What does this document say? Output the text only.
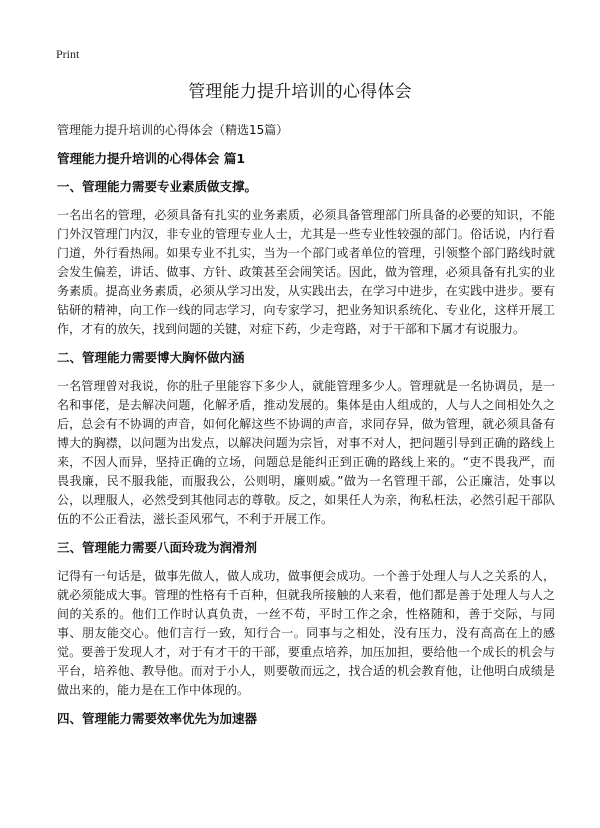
Print
管理能力提升培训的心得体会

管理能力提升培训的心得体会（精选15篇）

管理能力提升培训的心得体会 篇1
一、管理能力需要专业素质做支撑。

一名出名的管理，必须具备有扎实的业务素质，必须具备管理部门所具备的必要的知识，不能门外汉管理门内汉，非专业的管理专业人士，尤其是一些专业性较强的部门。俗话说，内行看门道，外行看热闹。如果专业不扎实，当为一个部门或者单位的管理，引领整个部门路线时就会发生偏差，讲话、做事、方针、政策甚至会闹笑话。因此，做为管理，必须具备有扎实的业务素质。提高业务素质，必须从学习出发，从实践出去，在学习中进步，在实践中进步。要有钻研的精神，向工作一线的同志学习，向专家学习，把业务知识系统化、专业化，这样开展工作，才有的放矢，找到问题的关键，对症下药，少走弯路，对于干部和下属才有说服力。

二、管理能力需要博大胸怀做内涵

一名管理曾对我说，你的肚子里能容下多少人，就能管理多少人。管理就是一名协调员，是一名和事佬，是去解决问题，化解矛盾，推动发展的。集体是由人组成的，人与人之间相处久之后，总会有不协调的声音，如何化解这些不协调的声音，求同存异，做为管理，就必须具备有博大的胸襟，以问题为出发点，以解决问题为宗旨，对事不对人，把问题引导到正确的路线上来，不因人而异，坚持正确的立场，问题总是能纠正到正确的路线上来的。“吏不畏我严，而畏我廉，民不服我能，而服我公，公则明，廉则威。”做为一名管理干部，公正廉洁，处事以公，以理服人，必然受到其他同志的尊敬。反之，如果任人为亲，徇私枉法，必然引起干部队伍的不公正看法，滋长歪风邪气，不利于开展工作。

三、管理能力需要八面玲珑为润滑剂

记得有一句话是，做事先做人，做人成功，做事便会成功。一个善于处理人与人之关系的人，就必须能成大事。管理的性格有千百种，但就我所接触的人来看，他们都是善于处理人与人之间的关系的。他们工作时认真负责，一丝不苟，平时工作之余，性格随和，善于交际，与同事、朋友能交心。他们言行一致，知行合一。同事与之相处，没有压力，没有高高在上的感觉。要善于发现人才，对于有才干的干部，要重点培养，加压加担，要给他一个成长的机会与平台，培养他、教导他。而对于小人，则要敬而远之，找合适的机会教育他，让他明白成绩是做出来的，能力是在工作中体现的。

四、管理能力需要效率优先为加速器
